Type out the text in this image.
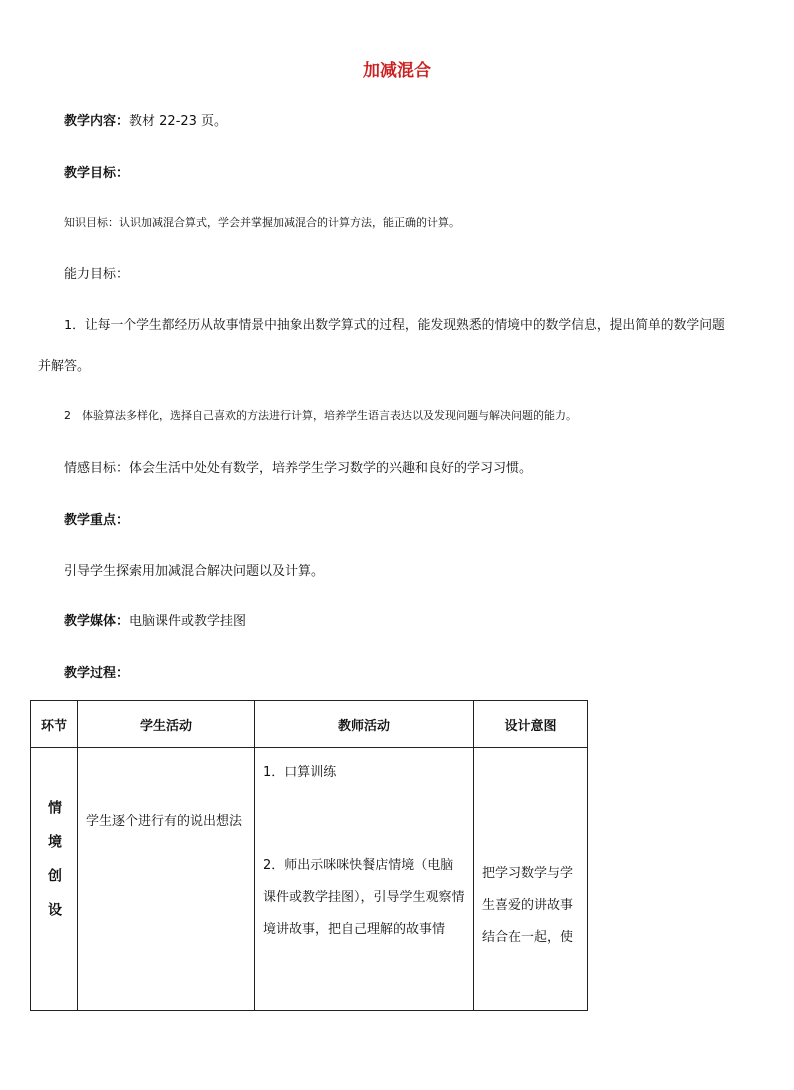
加减混合
教学内容：教材 22-23 页。
教学目标：
知识目标：认识加减混合算式，学会并掌握加减混合的计算方法，能正确的计算。
能力目标：
1．让每一个学生都经历从故事情景中抽象出数学算式的过程，能发现熟悉的情境中的数学信息，提出简单的数学问题
并解答。
2　体验算法多样化，选择自己喜欢的方法进行计算，培养学生语言表达以及发现问题与解决问题的能力。
情感目标：体会生活中处处有数学，培养学生学习数学的兴趣和良好的学习习惯。
教学重点：
引导学生探索用加减混合解决问题以及计算。
教学媒体：电脑课件或教学挂图
教学过程：
环节	学生活动	教师活动	设计意图

情境创设	学生逐个进行有的说出想法	1．口算训练
2．师出示咪咪快餐店情境（电脑课件或教学挂图），引导学生观察情境讲故事，把自己理解的故事情	把学习数学与学生喜爱的讲故事结合在一起，使
